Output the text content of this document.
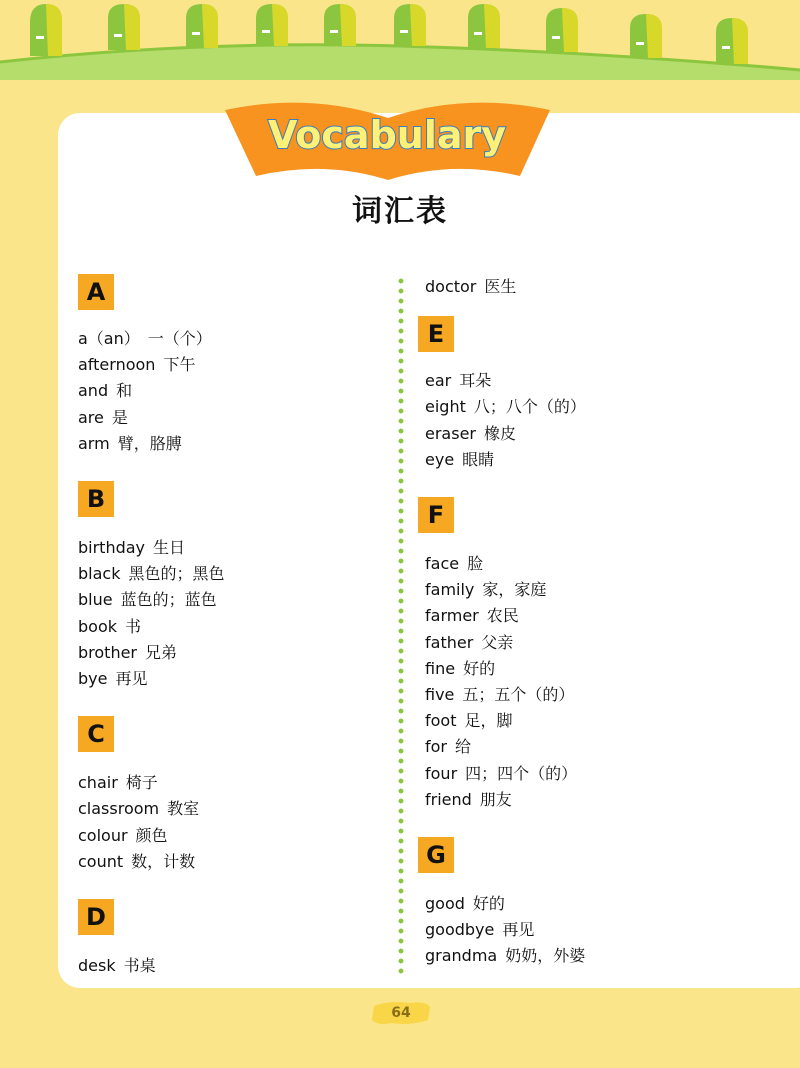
Vocabulary
词汇表
A
a（an） 一（个）
afternoon 下午
and 和
are 是
arm 臂，胳膊
B
birthday 生日
black 黑色的；黑色
blue 蓝色的；蓝色
book 书
brother 兄弟
bye 再见
C
chair 椅子
classroom 教室
colour 颜色
count 数，计数
D
desk 书桌
doctor 医生
E
ear 耳朵
eight 八；八个（的）
eraser 橡皮
eye 眼睛
F
face 脸
family 家，家庭
farmer 农民
father 父亲
fine 好的
five 五；五个（的）
foot 足，脚
for 给
four 四；四个（的）
friend 朋友
G
good 好的
goodbye 再见
grandma 奶奶，外婆
64
